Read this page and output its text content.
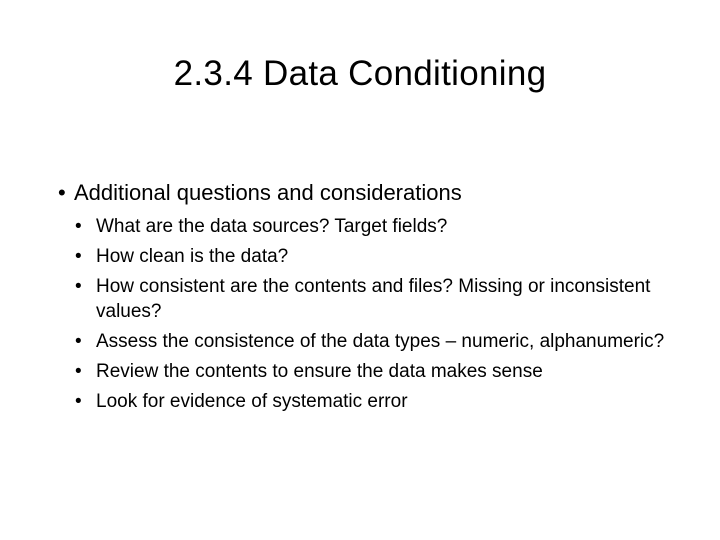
2.3.4 Data Conditioning

• Additional questions and considerations

• What are the data sources? Target fields?
• How clean is the data?
• How consistent are the contents and files? Missing or inconsistent values?
• Assess the consistence of the data types – numeric, alphanumeric?
• Review the contents to ensure the data makes sense
• Look for evidence of systematic error
